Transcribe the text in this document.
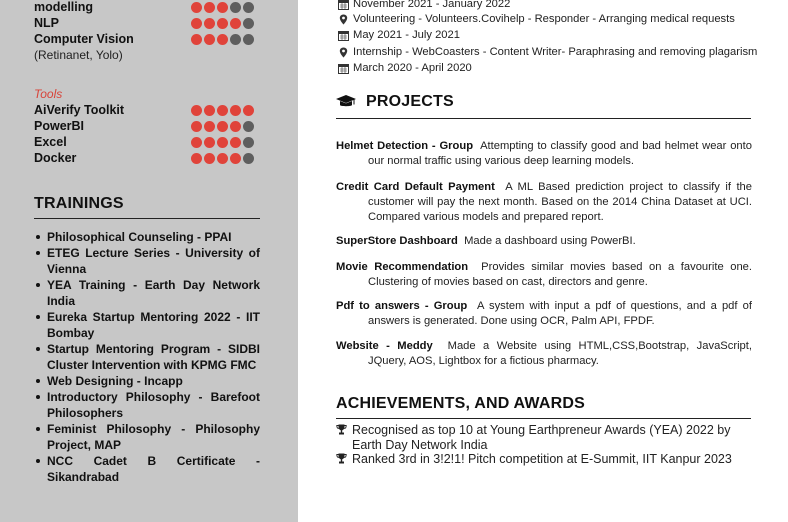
modelling
NLP
Computer Vision
(Retinanet, Yolo)
Tools
AiVerify Toolkit
PowerBI
Excel
Docker
TRAININGS
Philosophical Counseling - PPAI
ETEG Lecture Series - University of Vienna
YEA Training - Earth Day Network India
Eureka Startup Mentoring 2022 - IIT Bombay
Startup Mentoring Program - SIDBI Cluster Intervention with KPMG FMC
Web Designing - Incapp
Introductory Philosophy - Barefoot Philosophers
Feminist Philosophy - Philosophy Project, MAP
NCC Cadet B Certificate - Sikandrabad
November 2021 - January 2022
Volunteering - Volunteers.Covihelp - Responder - Arranging medical requests
May 2021 - July 2021
Internship - WebCoasters - Content Writer- Paraphrasing and removing plagarism
March 2020 - April 2020
PROJECTS
Helmet Detection - Group Attempting to classify good and bad helmet wear onto our normal traffic using various deep learning models.
Credit Card Default Payment A ML Based prediction project to classify if the customer will pay the next month. Based on the 2014 China Dataset at UCI. Compared various models and prepared report.
SuperStore Dashboard Made a dashboard using PowerBI.
Movie Recommendation Provides similar movies based on a favourite one. Clustering of movies based on cast, directors and genre.
Pdf to answers - Group A system with input a pdf of questions, and a pdf of answers is generated. Done using OCR, Palm API, FPDF.
Website - Meddy Made a Website using HTML,CSS,Bootstrap, JavaScript, JQuery, AOS, Lightbox for a fictious pharmacy.
ACHIEVEMENTS, AND AWARDS
Recognised as top 10 at Young Earthpreneur Awards (YEA) 2022 by Earth Day Network India
Ranked 3rd in 3!2!1! Pitch competition at E-Summit, IIT Kanpur 2023
